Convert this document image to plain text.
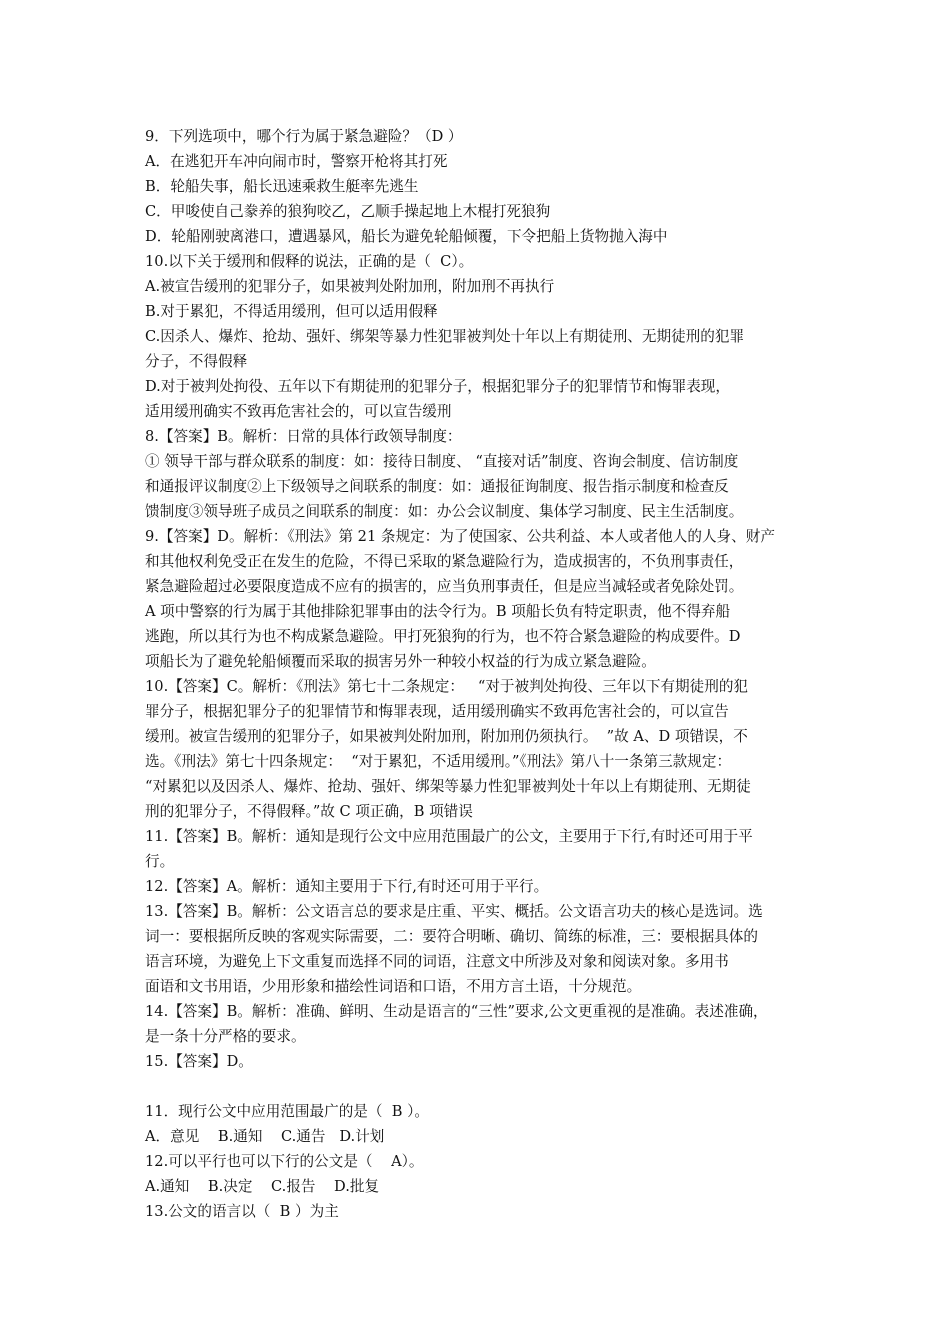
9．下列选项中，哪个行为属于紧急避险？（D ）
A．在逃犯开车冲向闹市时，警察开枪将其打死
B．轮船失事，船长迅速乘救生艇率先逃生
C．甲唆使自己豢养的狼狗咬乙，乙顺手操起地上木棍打死狼狗
D．轮船刚驶离港口，遭遇暴风，船长为避免轮船倾覆，下令把船上货物抛入海中
10.以下关于缓刑和假释的说法，正确的是（  C）。
A.被宣告缓刑的犯罪分子，如果被判处附加刑，附加刑不再执行
B.对于累犯，不得适用缓刑，但可以适用假释
C.因杀人、爆炸、抢劫、强奸、绑架等暴力性犯罪被判处十年以上有期徒刑、无期徒刑的犯罪
分子，不得假释
D.对于被判处拘役、五年以下有期徒刑的犯罪分子，根据犯罪分子的犯罪情节和悔罪表现，
适用缓刑确实不致再危害社会的，可以宣告缓刑
8.【答案】B。解析：日常的具体行政领导制度：
① 领导干部与群众联系的制度：如：接待日制度、 “直接对话”制度、咨询会制度、信访制度
和通报评议制度②上下级领导之间联系的制度：如：通报征询制度、报告指示制度和检查反
馈制度③领导班子成员之间联系的制度：如：办公会议制度、集体学习制度、民主生活制度。
9.【答案】D。解析：《刑法》第 21 条规定：为了使国家、公共利益、本人或者他人的人身、财产
和其他权利免受正在发生的危险，不得已采取的紧急避险行为，造成损害的，不负刑事责任，
紧急避险超过必要限度造成不应有的损害的，应当负刑事责任，但是应当减轻或者免除处罚。
A 项中警察的行为属于其他排除犯罪事由的法令行为。B 项船长负有特定职责，他不得弃船
逃跑，所以其行为也不构成紧急避险。甲打死狼狗的行为，也不符合紧急避险的构成要件。D
项船长为了避免轮船倾覆而采取的损害另外一种较小权益的行为成立紧急避险。
10.【答案】C。解析：《刑法》第七十二条规定：   “对于被判处拘役、三年以下有期徒刑的犯
罪分子，根据犯罪分子的犯罪情节和悔罪表现，适用缓刑确实不致再危害社会的，可以宣告
缓刑。被宣告缓刑的犯罪分子，如果被判处附加刑，附加刑仍须执行。  ”故 A、D 项错误，不
选。《刑法》第七十四条规定：  “对于累犯，不适用缓刑。”《刑法》第八十一条第三款规定：
“对累犯以及因杀人、爆炸、抢劫、强奸、绑架等暴力性犯罪被判处十年以上有期徒刑、无期徒
刑的犯罪分子，不得假释。”故 C 项正确，B 项错误
11.【答案】B。解析：通知是现行公文中应用范围最广的公文，主要用于下行,有时还可用于平
行。
12.【答案】A。解析：通知主要用于下行,有时还可用于平行。
13.【答案】B。解析：公文语言总的要求是庄重、平实、概括。公文语言功夫的核心是选词。选
词一：要根据所反映的客观实际需要，二：要符合明晰、确切、简练的标准，三：要根据具体的
语言环境，为避免上下文重复而选择不同的词语，注意文中所涉及对象和阅读对象。多用书
面语和文书用语，少用形象和描绘性词语和口语，不用方言土语，十分规范。
14.【答案】B。解析：准确、鲜明、生动是语言的“三性”要求,公文更重视的是准确。表述准确，
是一条十分严格的要求。
15.【答案】D。
11．现行公文中应用范围最广的是（  B ）。
A．意见    B.通知    C.通告   D.计划
12.可以平行也可以下行的公文是（    A）。
A.通知    B.决定    C.报告    D.批复
13.公文的语言以（  B ）为主
